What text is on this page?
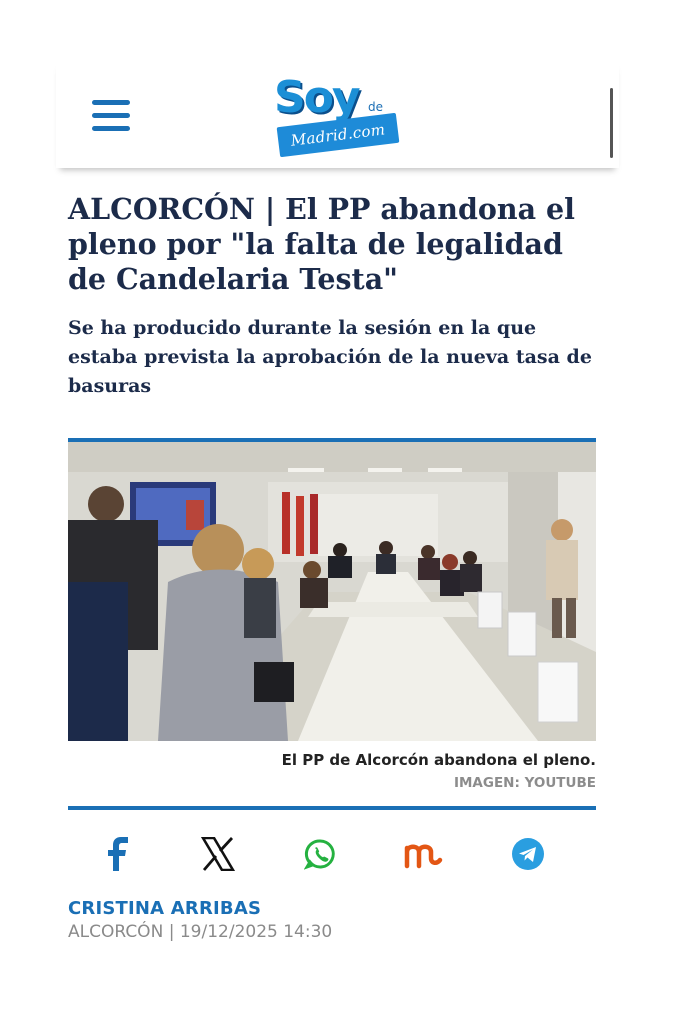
Soy de
Madrid.com
ALCORCÓN | El PP abandona el pleno por "la falta de legalidad de Candelaria Testa"
Se ha producido durante la sesión en la que estaba prevista la aprobación de la nueva tasa de basuras
El PP de Alcorcón abandona el pleno.
IMAGEN: YOUTUBE
CRISTINA ARRIBAS
ALCORCÓN | 19/12/2025 14:30
